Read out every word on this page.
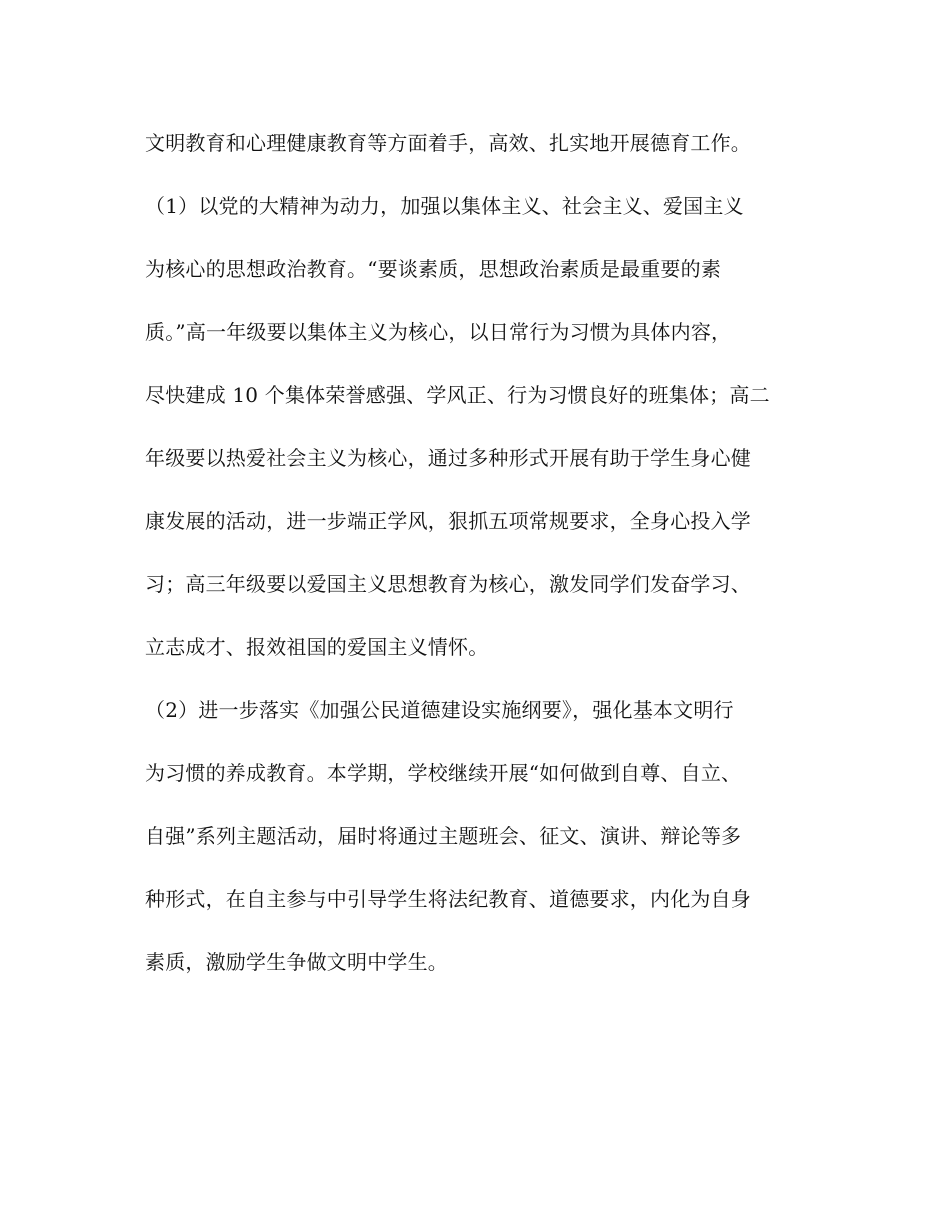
文明教育和心理健康教育等方面着手，高效、扎实地开展德育工作。
（1）以党的大精神为动力，加强以集体主义、社会主义、爱国主义
为核心的思想政治教育。“要谈素质，思想政治素质是最重要的素
质。”高一年级要以集体主义为核心，以日常行为习惯为具体内容，
尽快建成 10 个集体荣誉感强、学风正、行为习惯良好的班集体；高二
年级要以热爱社会主义为核心，通过多种形式开展有助于学生身心健
康发展的活动，进一步端正学风，狠抓五项常规要求，全身心投入学
习；高三年级要以爱国主义思想教育为核心，激发同学们发奋学习、
立志成才、报效祖国的爱国主义情怀。
（2）进一步落实《加强公民道德建设实施纲要》，强化基本文明行
为习惯的养成教育。本学期，学校继续开展“如何做到自尊、自立、
自强”系列主题活动，届时将通过主题班会、征文、演讲、辩论等多
种形式，在自主参与中引导学生将法纪教育、道德要求，内化为自身
素质，激励学生争做文明中学生。
